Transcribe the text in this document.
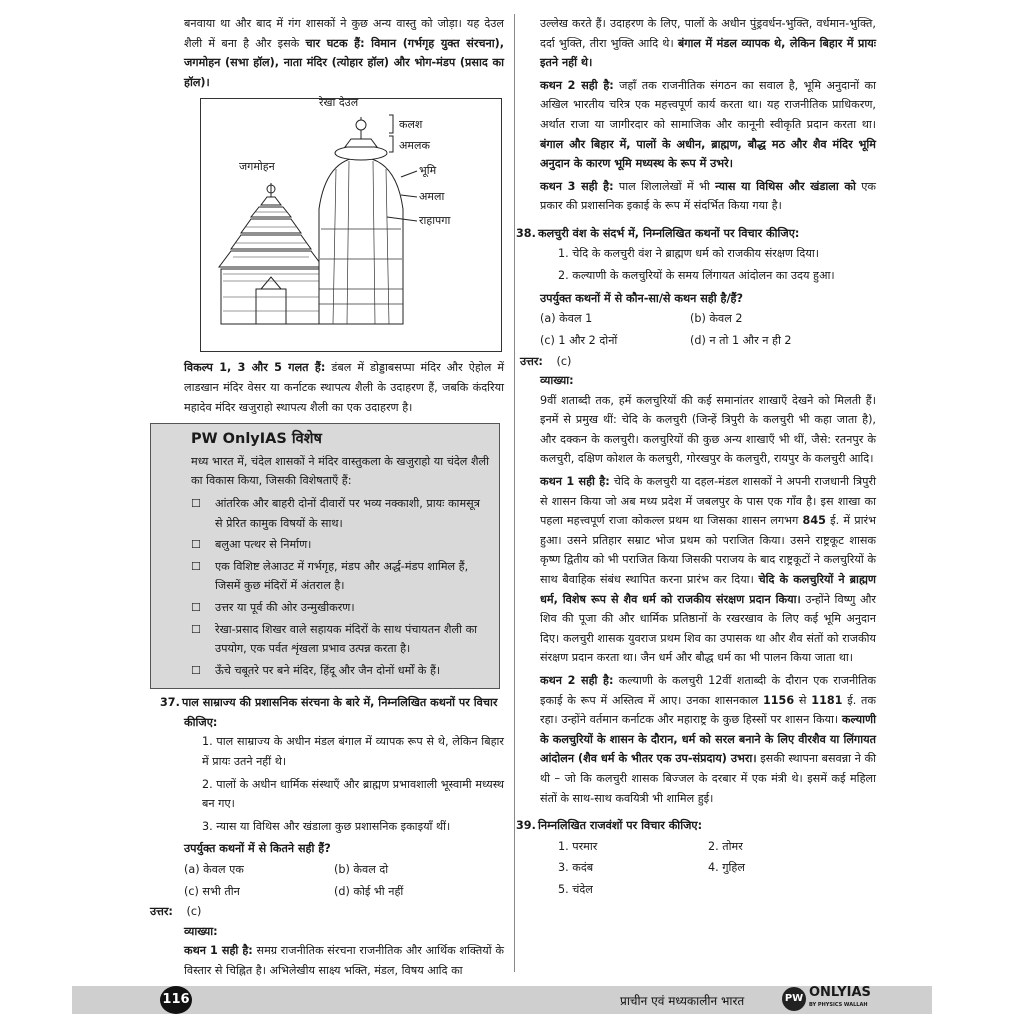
बनवाया था और बाद में गंग शासकों ने कुछ अन्य वास्तु को जोड़ा। यह देउल शैली में बना है और इसके चार घटक हैं: विमान (गर्भगृह युक्त संरचना), जगमोहन (सभा हॉल), नाता मंदिर (त्योहार हॉल) और भोग-मंडप (प्रसाद का हॉल)।

रेखा देउल
कलश
अमलक
जगमोहन	भूमि
अमला
राहापगा

विकल्प 1, 3 और 5 गलत हैं: डंबल में डोड्डाबसप्पा मंदिर और ऐहोल में लाडखान मंदिर वेसर या कर्नाटक स्थापत्य शैली के उदाहरण हैं, जबकि कंदरिया महादेव मंदिर खजुराहो स्थापत्य शैली का एक उदाहरण है।

PW OnlyIAS विशेष

मध्य भारत में, चंदेल शासकों ने मंदिर वास्तुकला के खजुराहो या चंदेल शैली का विकास किया, जिसकी विशेषताएँ हैं:

☐ आंतरिक और बाहरी दोनों दीवारों पर भव्य नक्काशी, प्रायः कामसूत्र से प्रेरित कामुक विषयों के साथ।
☐ बलुआ पत्थर से निर्माण।
☐ एक विशिष्ट लेआउट में गर्भगृह, मंडप और अर्द्ध-मंडप शामिल हैं, जिसमें कुछ मंदिरों में अंतराल है।
☐ उत्तर या पूर्व की ओर उन्मुखीकरण।
☐ रेखा-प्रसाद शिखर वाले सहायक मंदिरों के साथ पंचायतन शैली का उपयोग, एक पर्वत शृंखला प्रभाव उत्पन्न करता है।
☐ ऊँचे चबूतरे पर बने मंदिर, हिंदू और जैन दोनों धर्मों के हैं।
37. पाल साम्राज्य की प्रशासनिक संरचना के बारे में, निम्नलिखित कथनों पर विचार कीजिए:

1. पाल साम्राज्य के अधीन मंडल बंगाल में व्यापक रूप से थे, लेकिन बिहार में प्रायः उतने नहीं थे।

2. पालों के अधीन धार्मिक संस्थाएँ और ब्राह्मण प्रभावशाली भूस्वामी मध्यस्थ बन गए।

3. न्यास या विथिस और खंडाला कुछ प्रशासनिक इकाइयाँ थीं।

उपर्युक्त कथनों में से कितने सही हैं?
(a) केवल एक	(b) केवल दो
(c) सभी तीन	(d) कोई भी नहीं
उत्तर: (c)
व्याख्या:

कथन 1 सही है: समग्र राजनीतिक संरचना राजनीतिक और आर्थिक शक्तियों के विस्तार से चिह्नित है। अभिलेखीय साक्ष्य भक्ति, मंडल, विषय आदि का

उल्लेख करते हैं। उदाहरण के लिए, पालों के अधीन पुंड्रवर्धन-भुक्ति, वर्धमान-भुक्ति, दर्दा भुक्ति, तीरा भुक्ति आदि थे। बंगाल में मंडल व्यापक थे, लेकिन बिहार में प्रायः इतने नहीं थे।

कथन 2 सही है: जहाँ तक राजनीतिक संगठन का सवाल है, भूमि अनुदानों का अखिल भारतीय चरित्र एक महत्त्वपूर्ण कार्य करता था। यह राजनीतिक प्राधिकरण, अर्थात राजा या जागीरदार को सामाजिक और कानूनी स्वीकृति प्रदान करता था। बंगाल और बिहार में, पालों के अधीन, ब्राह्मण, बौद्ध मठ और शैव मंदिर भूमि अनुदान के कारण भूमि मध्यस्थ के रूप में उभरे।

कथन 3 सही है: पाल शिलालेखों में भी न्यास या विथिस और खंडाला को एक प्रकार की प्रशासनिक इकाई के रूप में संदर्भित किया गया है।

38. कलचुरी वंश के संदर्भ में, निम्नलिखित कथनों पर विचार कीजिए:

1. चेदि के कलचुरी वंश ने ब्राह्मण धर्म को राजकीय संरक्षण दिया।

2. कल्याणी के कलचुरियों के समय लिंगायत आंदोलन का उदय हुआ।

उपर्युक्त कथनों में से कौन-सा/से कथन सही है/हैं?
(a) केवल 1	(b) केवल 2
(c) 1 और 2 दोनों	(d) न तो 1 और न ही 2
उत्तर: (c)
व्याख्या:

9वीं शताब्दी तक, हमें कलचुरियों की कई समानांतर शाखाएँ देखने को मिलती हैं। इनमें से प्रमुख थीं: चेदि के कलचुरी (जिन्हें त्रिपुरी के कलचुरी भी कहा जाता है), और दक्कन के कलचुरी। कलचुरियों की कुछ अन्य शाखाएँ भी थीं, जैसे: रतनपुर के कलचुरी, दक्षिण कोशल के कलचुरी, गोरखपुर के कलचुरी, रायपुर के कलचुरी आदि।

कथन 1 सही है: चेदि के कलचुरी या दहल-मंडल शासकों ने अपनी राजधानी त्रिपुरी से शासन किया जो अब मध्य प्रदेश में जबलपुर के पास एक गाँव है। इस शाखा का पहला महत्त्वपूर्ण राजा कोकल्ल प्रथम था जिसका शासन लगभग 845 ई. में प्रारंभ हुआ। उसने प्रतिहार सम्राट भोज प्रथम को पराजित किया। उसने राष्ट्रकूट शासक कृष्ण द्वितीय को भी पराजित किया जिसकी पराजय के बाद राष्ट्रकूटों ने कलचुरियों के साथ बैवाहिक संबंध स्थापित करना प्रारंभ कर दिया। चेदि के कलचुरियों ने ब्राह्मण धर्म, विशेष रूप से शैव धर्म को राजकीय संरक्षण प्रदान किया। उन्होंने विष्णु और शिव की पूजा की और धार्मिक प्रतिष्ठानों के रखरखाव के लिए कई भूमि अनुदान दिए। कलचुरी शासक युवराज प्रथम शिव का उपासक था और शैव संतों को राजकीय संरक्षण प्रदान करता था। जैन धर्म और बौद्ध धर्म का भी पालन किया जाता था।

कथन 2 सही है: कल्याणी के कलचुरी 12वीं शताब्दी के दौरान एक राजनीतिक इकाई के रूप में अस्तित्व में आए। उनका शासनकाल 1156 से 1181 ई. तक रहा। उन्होंने वर्तमान कर्नाटक और महाराष्ट्र के कुछ हिस्सों पर शासन किया। कल्याणी के कलचुरियों के शासन के दौरान, धर्म को सरल बनाने के लिए वीरशैव या लिंगायत आंदोलन (शैव धर्म के भीतर एक उप-संप्रदाय) उभरा। इसकी स्थापना बसवन्ना ने की थी – जो कि कलचुरी शासक बिज्जल के दरबार में एक मंत्री थे। इसमें कई महिला संतों के साथ-साथ कवयित्री भी शामिल हुई।

39. निम्नलिखित राजवंशों पर विचार कीजिए:
1. परमार	2. तोमर
3. कदंब	4. गुहिल
5. चंदेल
116	प्राचीन एवं मध्यकालीन भारत	PW ONLYIAS
BY PHYSICS WALLAH
